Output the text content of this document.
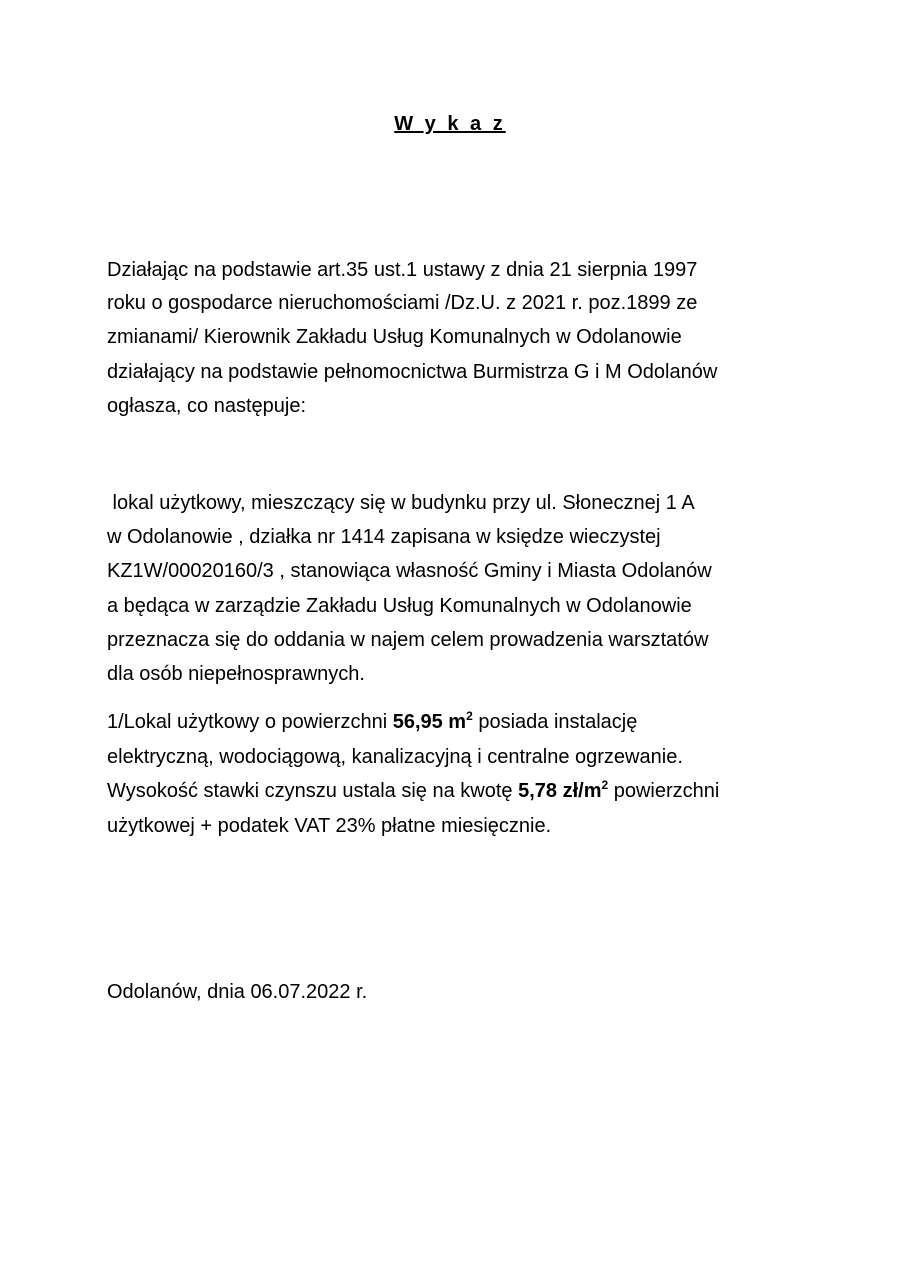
W y k a z
Działając na podstawie art.35 ust.1 ustawy z dnia 21 sierpnia 1997
roku o gospodarce nieruchomościami /Dz.U. z 2021 r. poz.1899 ze
zmianami/ Kierownik Zakładu Usług Komunalnych w Odolanowie
działający na podstawie pełnomocnictwa Burmistrza G i M Odolanów
ogłasza, co następuje:
lokal użytkowy, mieszczący się w budynku przy ul. Słonecznej 1 A
w Odolanowie , działka nr 1414 zapisana w księdze wieczystej
KZ1W/00020160/3 , stanowiąca własność Gminy i Miasta Odolanów
a będąca w zarządzie Zakładu Usług Komunalnych w Odolanowie
przeznacza się do oddania w najem celem prowadzenia warsztatów
dla osób niepełnosprawnych.
1/Lokal użytkowy o powierzchni 56,95 $m^2$ posiada instalację
elektryczną, wodociągową, kanalizacyjną i centralne ogrzewanie.
Wysokość stawki czynszu ustala się na kwotę 5,78 $zł/m^2$ powierzchni
użytkowej + podatek VAT 23% płatne miesięcznie.
Odolanów, dnia 06.07.2022 r.
